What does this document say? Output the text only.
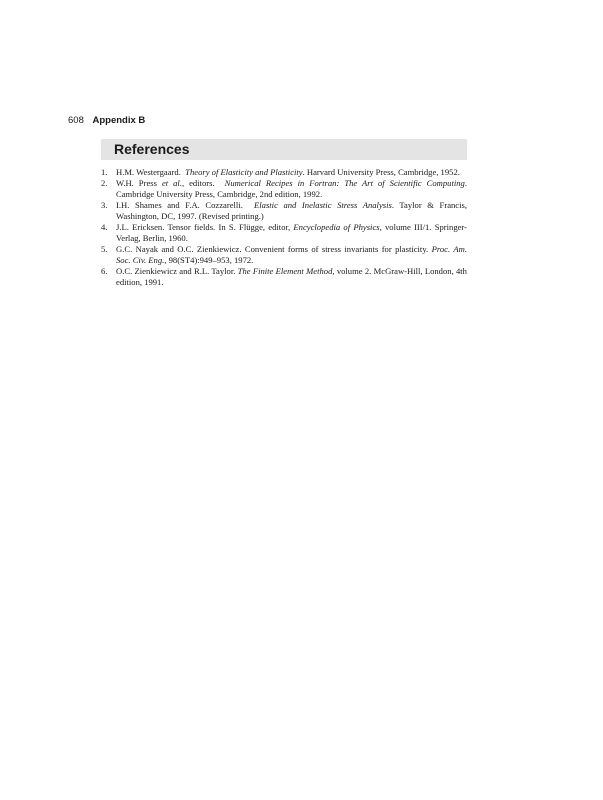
608 Appendix B
References
1. H.M. Westergaard. Theory of Elasticity and Plasticity. Harvard University Press, Cambridge, 1952.
2. W.H. Press et al., editors. Numerical Recipes in Fortran: The Art of Scientific Computing. Cambridge University Press, Cambridge, 2nd edition, 1992.
3. I.H. Shames and F.A. Cozzarelli. Elastic and Inelastic Stress Analysis. Taylor & Francis, Washington, DC, 1997. (Revised printing.)
4. J.L. Ericksen. Tensor fields. In S. Flügge, editor, Encyclopedia of Physics, volume III/1. Springer-Verlag, Berlin, 1960.
5. G.C. Nayak and O.C. Zienkiewicz. Convenient forms of stress invariants for plasticity. Proc. Am. Soc. Civ. Eng., 98(ST4):949–953, 1972.
6. O.C. Zienkiewicz and R.L. Taylor. The Finite Element Method, volume 2. McGraw-Hill, London, 4th edition, 1991.
